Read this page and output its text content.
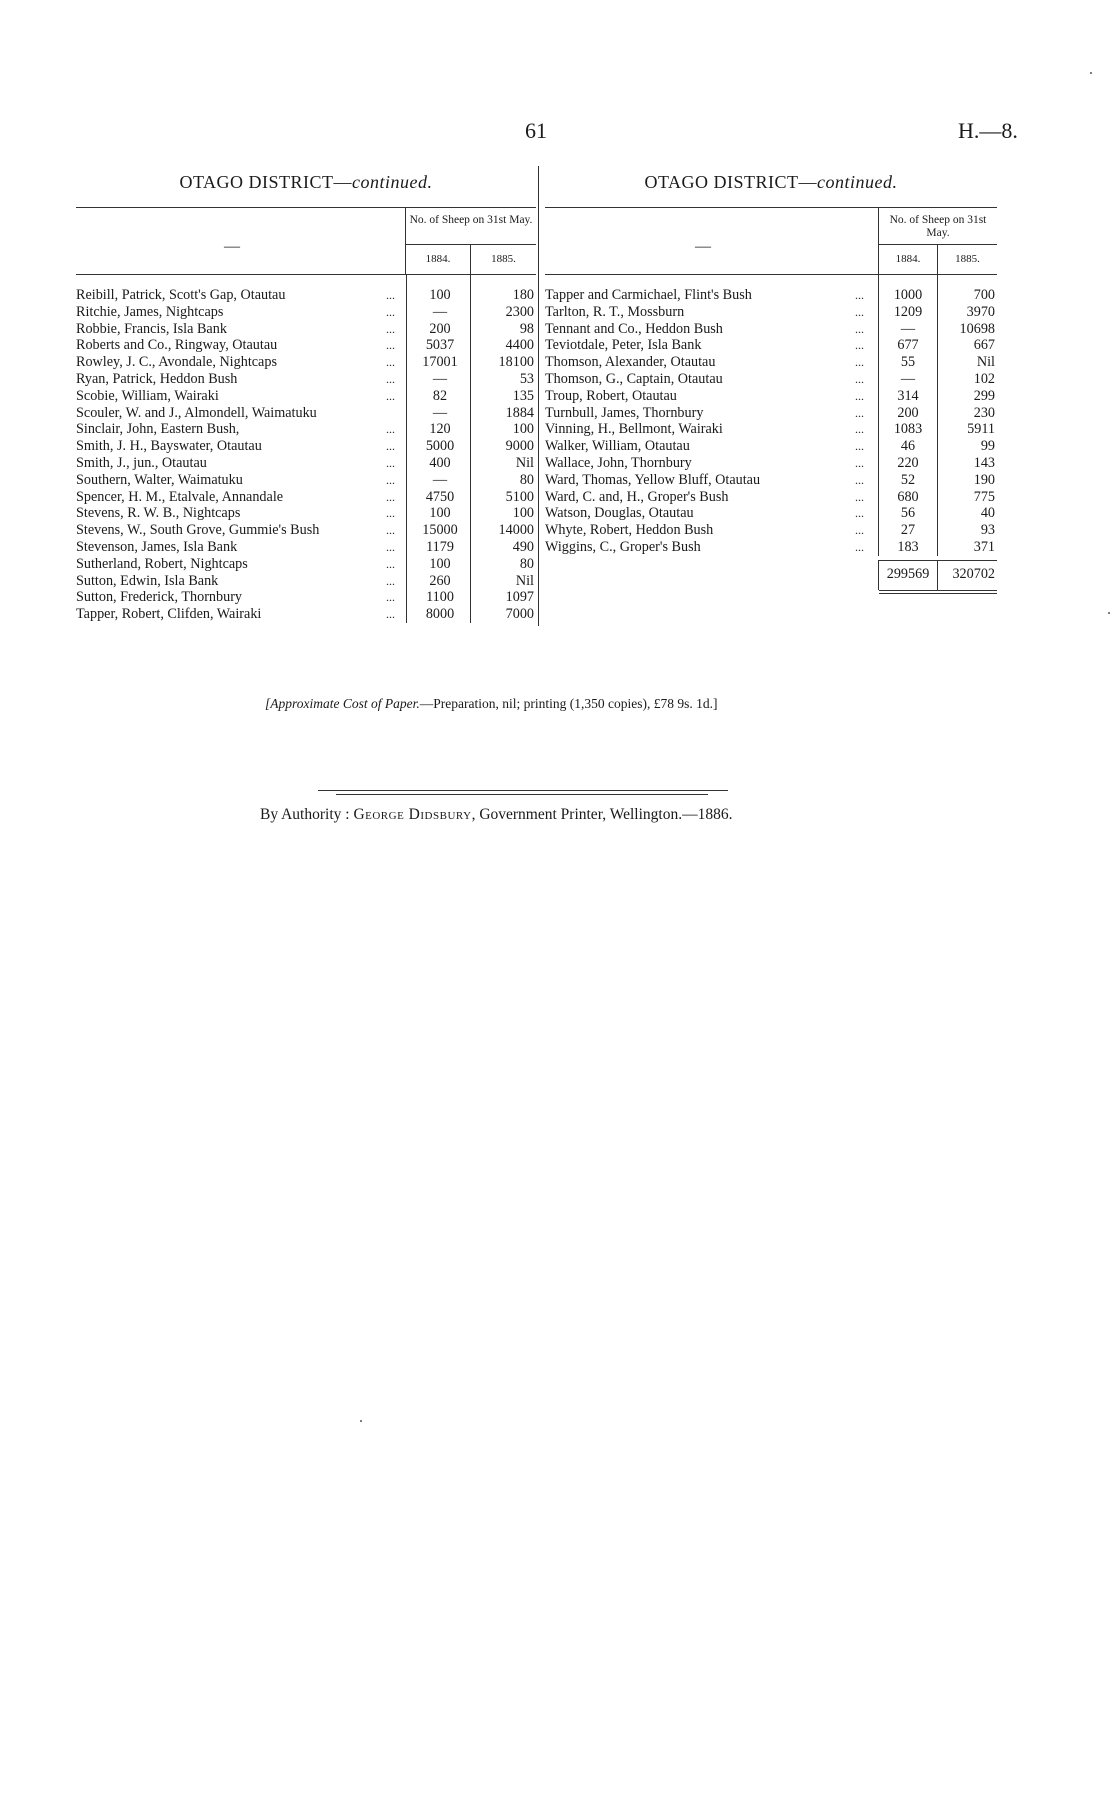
61	H.—8.
OTAGO DISTRICT—continued.
—
No. of Sheep on 31st May.
1884.	1885.
Reibill, Patrick, Scott's Gap, Otautau	...	100	180
Ritchie, James, Nightcaps	...	—	2300
Robbie, Francis, Isla Bank	...	200	98
Roberts and Co., Ringway, Otautau	...	5037	4400
Rowley, J. C., Avondale, Nightcaps	...	17001	18100
Ryan, Patrick, Heddon Bush	...	—	53
Scobie, William, Wairaki	...	82	135
Scouler, W. and J., Almondell, Waimatuku	—	1884
Sinclair, John, Eastern Bush,	...	120	100
Smith, J. H., Bayswater, Otautau	...	5000	9000
Smith, J., jun., Otautau	...	400	Nil
Southern, Walter, Waimatuku	...	—	80
Spencer, H. M., Etalvale, Annandale	...	4750	5100
Stevens, R. W. B., Nightcaps	...	100	100
Stevens, W., South Grove, Gummie's Bush	...	15000	14000
Stevenson, James, Isla Bank	...	1179	490
Sutherland, Robert, Nightcaps	...	100	80
Sutton, Edwin, Isla Bank	...	260	Nil
Sutton, Frederick, Thornbury	...	1100	1097
Tapper, Robert, Clifden, Wairaki	...	8000	7000
OTAGO DISTRICT—continued.
—
No. of Sheep on 31st May.
1884.	1885.
Tapper and Carmichael, Flint's Bush	...	1000	700
Tarlton, R. T., Mossburn	...	1209	3970
Tennant and Co., Heddon Bush	...	—	10698
Teviotdale, Peter, Isla Bank	...	677	667
Thomson, Alexander, Otautau	...	55	Nil
Thomson, G., Captain, Otautau	...	—	102
Troup, Robert, Otautau	...	314	299
Turnbull, James, Thornbury	...	200	230
Vinning, H., Bellmont, Wairaki	...	1083	5911
Walker, William, Otautau	...	46	99
Wallace, John, Thornbury	...	220	143
Ward, Thomas, Yellow Bluff, Otautau	...	52	190
Ward, C. and, H., Groper's Bush	...	680	775
Watson, Douglas, Otautau	...	56	40
Whyte, Robert, Heddon Bush	...	27	93
Wiggins, C., Groper's Bush	...	183	371
299569	320702
[Approximate Cost of Paper.—Preparation, nil; printing (1,350 copies), £78 9s. 1d.]
By Authority : George Didsbury, Government Printer, Wellington.—1886.
